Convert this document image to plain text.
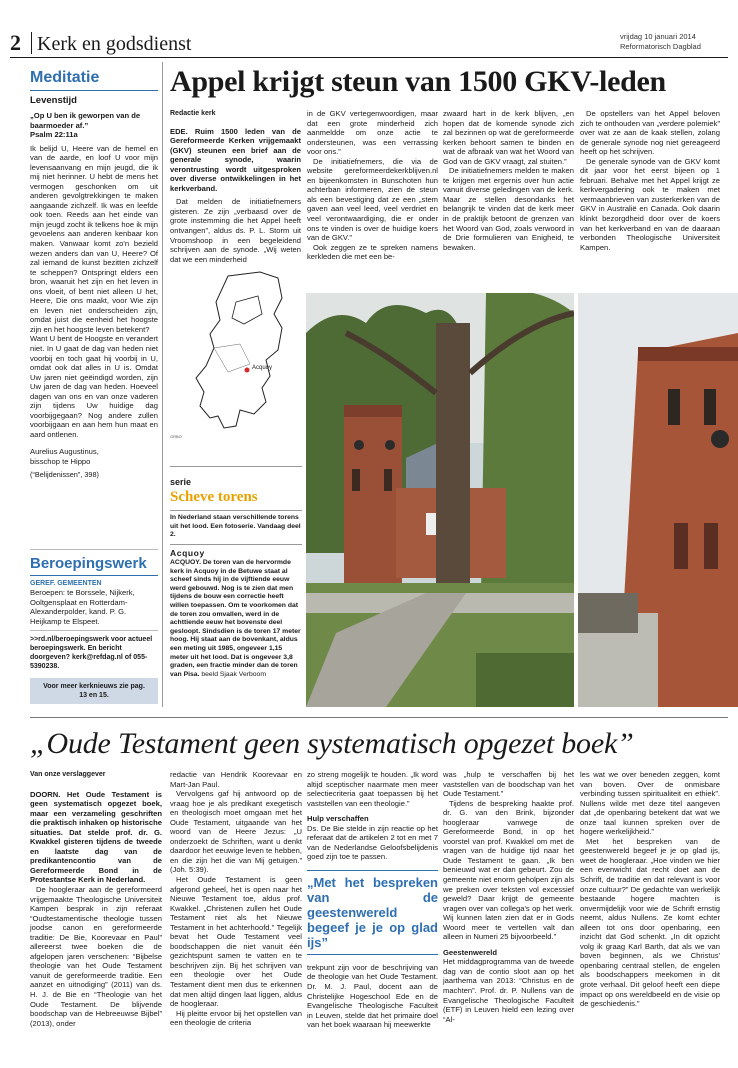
2 Kerk en godsdienst	vrijdag 10 januari 2014
Reformatorisch Dagblad
Meditatie
Levenstijd
„Op U ben ik geworpen van de baarmoeder af.”
Psalm 22:11a

Ik belijd U, Heere van de hemel en van de aarde, en loof U voor mijn levensaanvang en mijn jeugd, die ik mij niet herinner. U hebt de mens het vermogen geschonken om uit anderen gevolgtrekkingen te maken aangaande zichzelf. Ik was en leefde ook toen. Reeds aan het einde van mijn jeugd zocht ik telkens hoe ik mijn gevoelens aan anderen kenbaar kon maken. Vanwaar komt zo'n bezield wezen anders dan van U, Heere? Of zal iemand de kunst bezitten zichzelf te scheppen? Ontspringt elders een bron, waaruit het zijn en het leven in ons vloeit, of bent niet alleen U het, Heere, Die ons maakt, voor Wie zijn en leven niet onderscheiden zijn, omdat juist die eenheid het hoogste zijn en het hoogste leven betekent?

Want U bent de Hoogste en verandert niet. In U gaat de dag van heden niet voorbij en toch gaat hij voorbij in U, omdat ook dat alles in U is. Omdat Uw jaren niet geëindigd worden, zijn Uw jaren de dag van heden. Hoeveel dagen van ons en van onze vaderen zijn tijdens Uw huidige dag voorbijgegaan? Nog andere zullen voorbijgaan en aan hem hun maat en aard ontlenen.

Aurelius Augustinus,
bisschop te Hippo
(“Belijdenissen”, 398)
Beroepingswerk
GEREF. GEMEENTEN
Beroepen: te Borssele, Nijkerk, Ooltgensplaat en Rotterdam-Alexanderpolder, kand. P. G. Heijkamp te Elspeet.
>>rd.nl/beroepingswerk voor actueel beroepingswerk. En bericht doorgeven? kerk@refdag.nl of 055-5390238.
Voor meer kerknieuws zie pag. 13 en 15.
Appel krijgt steun van 1500 GKV-leden
Redactie kerk

EDE. Ruim 1500 leden van de Gereformeerde Kerken vrijgemaakt (GKV) steunen een brief aan de generale synode, waarin verontrusting wordt uitgesproken over diverse ontwikkelingen in het kerkverband.

Dat melden de initiatiefnemers gisteren. Ze zijn „verbaasd over de grote instemming die het Appel heeft ontvangen”, aldus ds. P. L. Storm uit Vroomshoop in een begeleidend schrijven aan de synode. „Wij weten dat we een minderheid

in de GKV vertegenwoordigen, maar dat een grote minderheid zich aanmeldde om onze actie te ondersteunen, was een verrassing voor ons.”

De initiatiefnemers, die via de website gereformeerdekerkblijven.nl en bijeenkomsten in Bunschoten hun achterban informeren, zien de steun als een bevestiging dat ze een „stem gaven aan veel leed, veel verdriet en veel verontwaardiging, die er onder ons te vinden is over de huidige koers van de GKV.”

Ook zeggen ze te spreken namens kerkleden die met een be-

zwaard hart in de kerk blijven, „en hopen dat de komende synode zich zal bezinnen op wat de gereformeerde kerken behoort samen te binden en wat de afbraak van wat het Woord van God van de GKV vraagt, zal stuiten.”

De initiatiefnemers melden te maken te krijgen met ergernis over hun actie vanuit diverse geledingen van de kerk. Maar ze stellen desondanks het belangrijk te vinden dat de kerk meer in de praktijk betoont de grenzen van het Woord van God, zoals verwoord in de Drie formulieren van Enigheid, te bewaken.

De opstellers van het Appel beloven zich te onthouden van „verdere polemiek” over wat ze aan de kaak stellen, zolang de generale synode nog niet gereageerd heeft op het schrijven.

De generale synode van de GKV komt dit jaar voor het eerst bijeen op 1 februari. Behalve met het Appel krijgt ze kerkvergadering ook te maken met vermaanbrieven van zusterkerken van de GKV in Australië en Canada. Ook daarin klinkt bezorgdheid door over de koers van het kerkverband en van de daaraan verbonden Theologische Universiteit Kampen.

Acquoy
GRBO
serie
Scheve torens
In Nederland staan verschillende torens uit het lood. Een fotoserie. Vandaag deel 2.
Acquoy
ACQUOY. De toren van de hervormde kerk in Acquoy in de Betuwe staat al scheef sinds hij in de vijftiende eeuw werd gebouwd. Nog is te zien dat men tijdens de bouw een correctie heeft willen toepassen. Om te voorkomen dat de toren zou omvallen, werd in de achttiende eeuw het bovenste deel gesloopt. Sindsdien is de toren 17 meter hoog. Hij staat aan de bovenkant, aldus een meting uit 1985, ongeveer 1,15 meter uit het lood. Dat is ongeveer 3,8 graden, een fractie minder dan de toren van Pisa. beeld Sjaak Verboom
„Oude Testament geen systematisch opgezet boek”
Van onze verslaggever

DOORN. Het Oude Testament is geen systematisch opgezet boek, maar een verzameling geschriften die praktisch inhaken op historische situaties. Dat stelde prof. dr. G. Kwakkel gisteren tijdens de tweede en laatste dag van de predikantencontio van de Gereformeerde Bond in de Protestantse Kerk in Nederland.

De hoogleraar aan de gereformeerd vrijgemaakte Theologische Universiteit Kampen besprak in zijn referaat “Oudtestamentische theologie tussen joodse canon en gereformeerde traditie: De Bie, Koorevaar en Paul” allereerst twee boeken die de afgelopen jaren verschenen: “Bijbelse theologie van het Oude Testament vanuit de gereformeerde traditie. Een aanzet en uitnodiging” (2011) van ds. H. J. de Bie en “Theologie van het Oude Testament. De blijvende boodschap van de Hebreeuwse Bijbel” (2013), onder

redactie van Hendrik Koorevaar en Mart-Jan Paul.

Vervolgens gaf hij antwoord op de vraag hoe je als predikant exegetisch en theologisch moet omgaan met het Oude Testament, uitgaande van het woord van de Heere Jezus: „U onderzoekt de Schriften, want u denkt daardoor het eeuwige leven te hebben, en die zijn het die van Mij getuigen.” (Joh. 5:39).

Het Oude Testament is geen afgerond geheel, het is open naar het Nieuwe Testament toe, aldus prof. Kwakkel. „Christenen zullen het Oude Testament niet als het Nieuwe Testament in het achterhoofd.” Tegelijk bevat het Oude Testament veel boodschappen die niet vanuit één gezichtspunt samen te vatten en te beschrijven zijn. Bij het schrijven van een theologie over het Oude Testament dient men dus te erkennen dat men altijd dingen laat liggen, aldus de hoogleraar.

Hij pleitte ervoor bij het opstellen van een theologie de criteria

zo streng mogelijk te houden. „Ik word altijd sceptischer naarmate men meer selectiecriteria gaat toepassen bij het vaststellen van een theologie.”

Hulp verschaffen

Ds. De Bie stelde in zijn reactie op het referaat dat de artikelen 2 tot en met 7 van de Nederlandse Geloofsbelijdenis goed zijn toe te passen.

„Met het bespreken van de geestenwereld begeef je je op glad ijs”

trekpunt zijn voor de beschrijving van de theologie van het Oude Testament. Dr. M. J. Paul, docent aan de Christelijke Hogeschool Ede en de Evangelische Theologische Faculteit in Leuven, stelde dat het primaire doel van het boek waaraan hij meewerkte

was „hulp te verschaffen bij het vaststellen van de boodschap van het Oude Testament.”

Tijdens de bespreking haakte prof. dr. G. van den Brink, bijzonder hoogleraar vanwege de Gereformeerde Bond, in op het voorstel van prof. Kwakkel om met de vragen van de huidige tijd naar het Oude Testament te gaan. „Ik ben benieuwd wat er dan gebeurt. Zou de gemeente niet enorm geholpen zijn als we preken over teksten vol excessief geweld? Daar krijgt de gemeente vragen over van collega's op het werk. Wij kunnen laten zien dat er in Gods Woord meer te vertellen valt dan alleen in Numeri 25 bijvoorbeeld.”

Geestenwereld

Het middagprogramma van de tweede dag van de contio sloot aan op het jaarthema van 2013: “Christus en de machten”. Prof. dr. P. Nullens van de Evangelische Theologische Faculteit (ETF) in Leuven hield een lezing over “Al-

les wat we over beneden zeggen, komt van boven. Over de onmisbare verbinding tussen spiritualiteit en ethiek”. Nullens wilde met deze titel aangeven dat „de openbaring betekent dat wat we onze taal kunnen spreken over de hogere werkelijkheid.”

Met het bespreken van de geestenwereld begeef je je op glad ijs, weet de hoogleraar. „Hoe vinden we hier een evenwicht dat recht doet aan de Schrift, de traditie en dat relevant is voor onze cultuur?” De gedachte van werkelijk bestaande hogere machten is onvermijdelijk voor wie de Schrift ernstig neemt, aldus Nullens. Ze komt echter alleen tot ons door openbaring, een inzicht dat God schenkt. „In dit opzicht volg ik graag Karl Barth, dat als we van boven beginnen, als we Christus' openbaring centraal stellen, de engelen als boodschappers meekomen in dit grote verhaal. Dit geloof heeft een diepe impact op ons wereldbeeld en de visie op de geschiedenis.”
